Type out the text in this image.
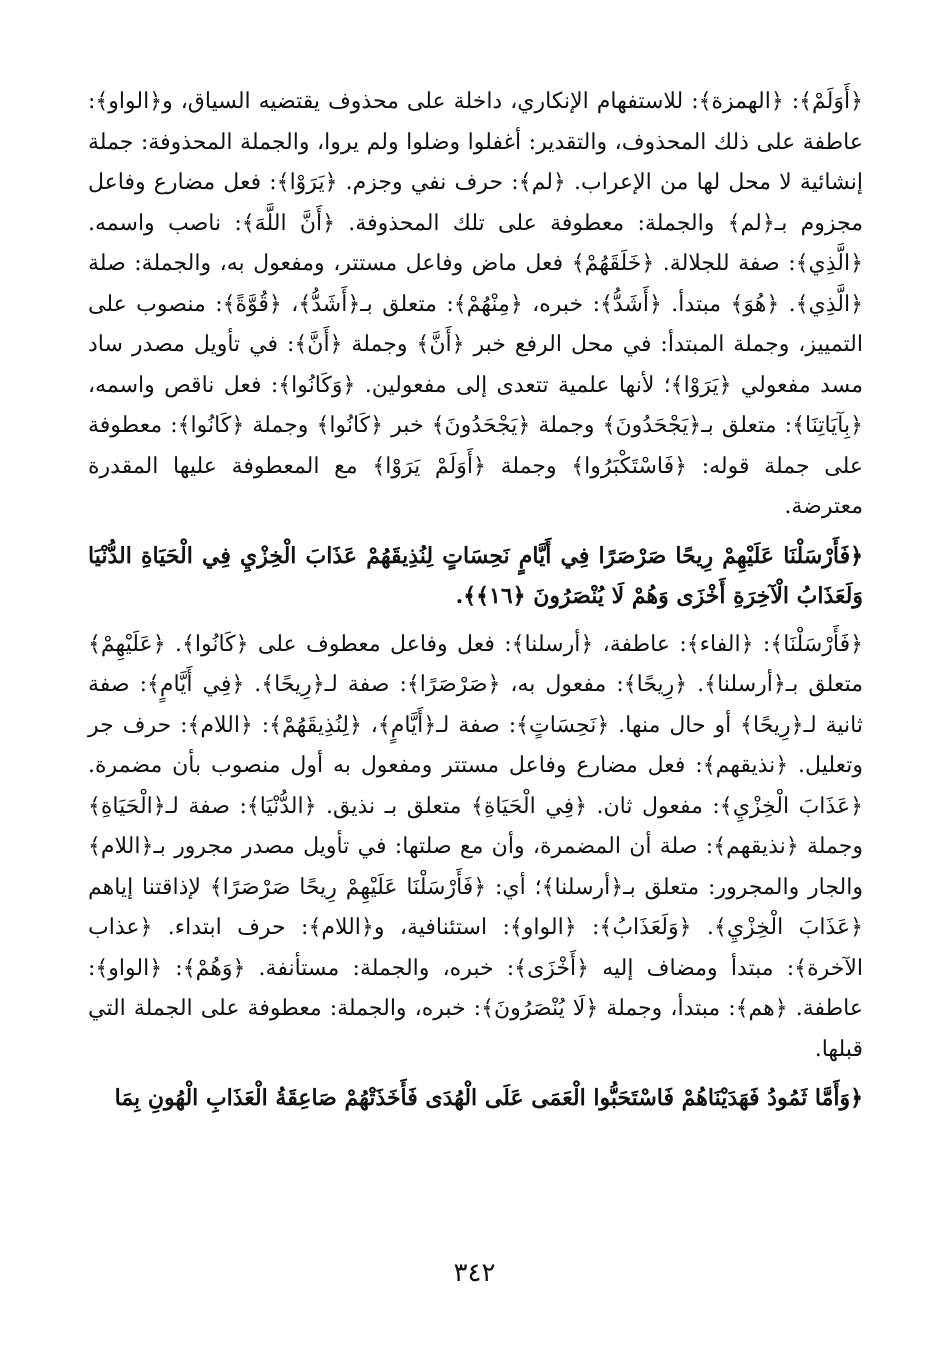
﴿أَوَلَمْ﴾: ﴿الهمزة﴾: للاستفهام الإنكاري، داخلة على محذوف يقتضيه السياق، و﴿الواو﴾: عاطفة على ذلك المحذوف، والتقدير: أغفلوا وضلوا ولم يروا، والجملة المحذوفة: جملة إنشائية لا محل لها من الإعراب. ﴿لم﴾: حرف نفي وجزم. ﴿يَرَوْا﴾: فعل مضارع وفاعل مجزوم بـ﴿لم﴾ والجملة: معطوفة على تلك المحذوفة. ﴿أَنَّ اللَّهَ﴾: ناصب واسمه. ﴿الَّذِي﴾: صفة للجلالة. ﴿خَلَقَهُمْ﴾ فعل ماض وفاعل مستتر، ومفعول به، والجملة: صلة ﴿الَّذِي﴾. ﴿هُوَ﴾ مبتدأ. ﴿أَشَدُّ﴾: خبره، ﴿مِنْهُمْ﴾: متعلق بـ﴿أَشَدُّ﴾، ﴿قُوَّةً﴾: منصوب على التمييز، وجملة المبتدأ: في محل الرفع خبر ﴿أَنَّ﴾ وجملة ﴿أَنَّ﴾: في تأويل مصدر ساد مسد مفعولي ﴿يَرَوْا﴾؛ لأنها علمية تتعدى إلى مفعولين. ﴿وَكَانُوا﴾: فعل ناقص واسمه، ﴿بِآيَاتِنَا﴾: متعلق بـ﴿يَجْحَدُونَ﴾ وجملة ﴿يَجْحَدُونَ﴾ خبر ﴿كَانُوا﴾ وجملة ﴿كَانُوا﴾: معطوفة على جملة قوله: ﴿فَاسْتَكْبَرُوا﴾ وجملة ﴿أَوَلَمْ يَرَوْا﴾ مع المعطوفة عليها المقدرة معترضة.

﴿فَأَرْسَلْنَا عَلَيْهِمْ رِيحًا صَرْصَرًا فِي أَيَّامٍ نَحِسَاتٍ لِنُذِيقَهُمْ عَذَابَ الْخِزْيِ فِي الْحَيَاةِ الدُّنْيَا وَلَعَذَابُ الْآخِرَةِ أَخْزَى وَهُمْ لَا يُنْصَرُونَ ﴿١٦﴾﴾.

﴿فَأَرْسَلْنَا﴾: ﴿الفاء﴾: عاطفة، ﴿أرسلنا﴾: فعل وفاعل معطوف على ﴿كَانُوا﴾. ﴿عَلَيْهِمْ﴾ متعلق بـ﴿أرسلنا﴾. ﴿رِيحًا﴾: مفعول به، ﴿صَرْصَرًا﴾: صفة لـ﴿رِيحًا﴾. ﴿فِي أَيَّامٍ﴾: صفة ثانية لـ﴿رِيحًا﴾ أو حال منها. ﴿نَحِسَاتٍ﴾: صفة لـ﴿أَيَّامٍ﴾، ﴿لِنُذِيقَهُمْ﴾: ﴿اللام﴾: حرف جر وتعليل. ﴿نذيقهم﴾: فعل مضارع وفاعل مستتر ومفعول به أول منصوب بأن مضمرة. ﴿عَذَابَ الْخِزْيِ﴾: مفعول ثان. ﴿فِي الْحَيَاةِ﴾ متعلق بـ نذيق. ﴿الدُّنْيَا﴾: صفة لـ﴿الْحَيَاةِ﴾ وجملة ﴿نذيقهم﴾: صلة أن المضمرة، وأن مع صلتها: في تأويل مصدر مجرور بـ﴿اللام﴾ والجار والمجرور: متعلق بـ﴿أرسلنا﴾؛ أي: ﴿فَأَرْسَلْنَا عَلَيْهِمْ رِيحًا صَرْصَرًا﴾ لإذاقتنا إياهم ﴿عَذَابَ الْخِزْيِ﴾. ﴿وَلَعَذَابُ﴾: ﴿الواو﴾: استئنافية، و﴿اللام﴾: حرف ابتداء. ﴿عذاب الآخرة﴾: مبتدأ ومضاف إليه ﴿أَخْزَى﴾: خبره، والجملة: مستأنفة. ﴿وَهُمْ﴾: ﴿الواو﴾: عاطفة. ﴿هم﴾: مبتدأ، وجملة ﴿لَا يُنْصَرُونَ﴾: خبره، والجملة: معطوفة على الجملة التي قبلها.

﴿وَأَمَّا ثَمُودُ فَهَدَيْنَاهُمْ فَاسْتَحَبُّوا الْعَمَى عَلَى الْهُدَى فَأَخَذَتْهُمْ صَاعِقَةُ الْعَذَابِ الْهُونِ بِمَا

٣٤٢
